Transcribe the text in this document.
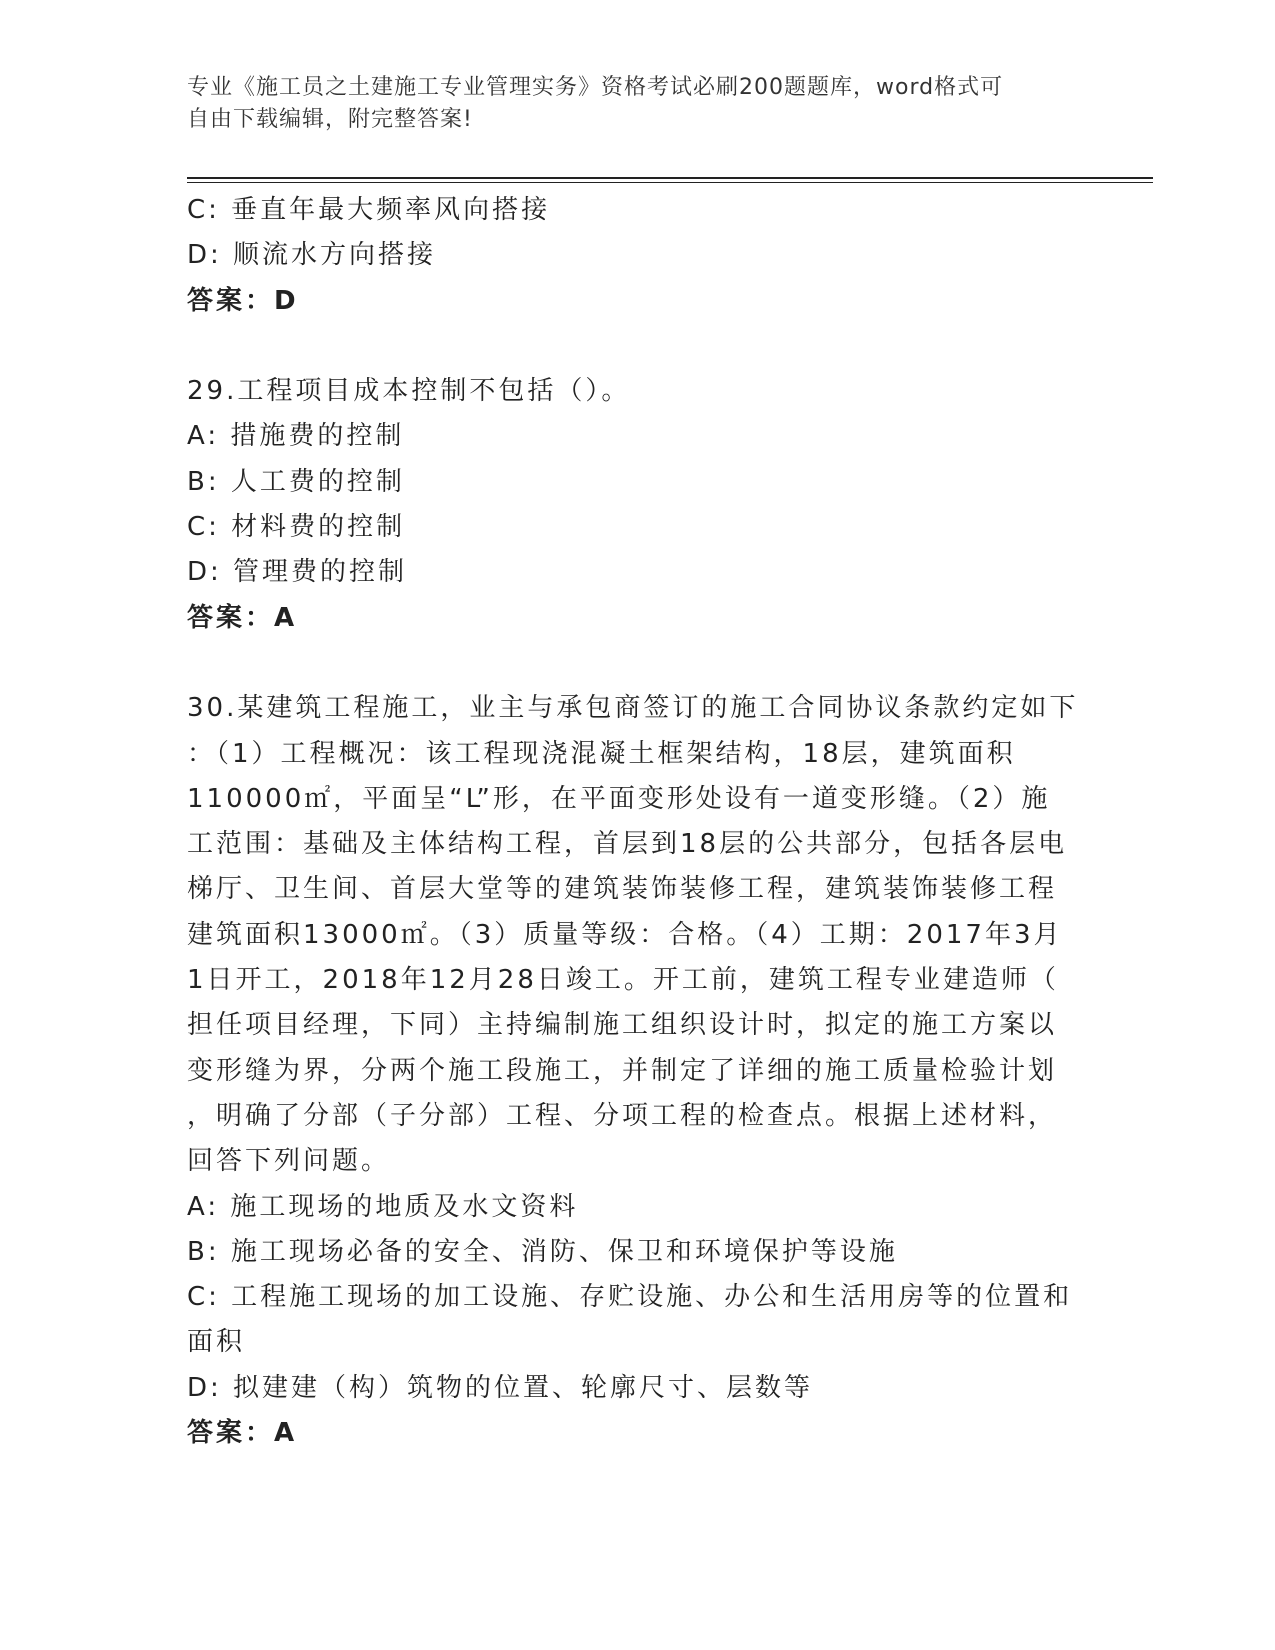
专业《施工员之土建施工专业管理实务》资格考试必刷200题题库，word格式可
自由下载编辑，附完整答案!
C: 垂直年最大频率风向搭接
D: 顺流水方向搭接
答案：D
29.工程项目成本控制不包括（）。
A: 措施费的控制
B: 人工费的控制
C: 材料费的控制
D: 管理费的控制
答案：A
30.某建筑工程施工，业主与承包商签订的施工合同协议条款约定如下
：（1）工程概况：该工程现浇混凝土框架结构，18层，建筑面积
110000㎡，平面呈“L”形，在平面变形处设有一道变形缝。（2）施
工范围：基础及主体结构工程，首层到18层的公共部分，包括各层电
梯厅、卫生间、首层大堂等的建筑装饰装修工程，建筑装饰装修工程
建筑面积13000㎡。（3）质量等级：合格。（4）工期：2017年3月
1日开工，2018年12月28日竣工。开工前，建筑工程专业建造师（
担任项目经理，下同）主持编制施工组织设计时，拟定的施工方案以
变形缝为界，分两个施工段施工，并制定了详细的施工质量检验计划
，明确了分部（子分部）工程、分项工程的检查点。根据上述材料，
回答下列问题。
A: 施工现场的地质及水文资料
B: 施工现场必备的安全、消防、保卫和环境保护等设施
C: 工程施工现场的加工设施、存贮设施、办公和生活用房等的位置和
面积
D: 拟建建（构）筑物的位置、轮廓尺寸、层数等
答案：A
